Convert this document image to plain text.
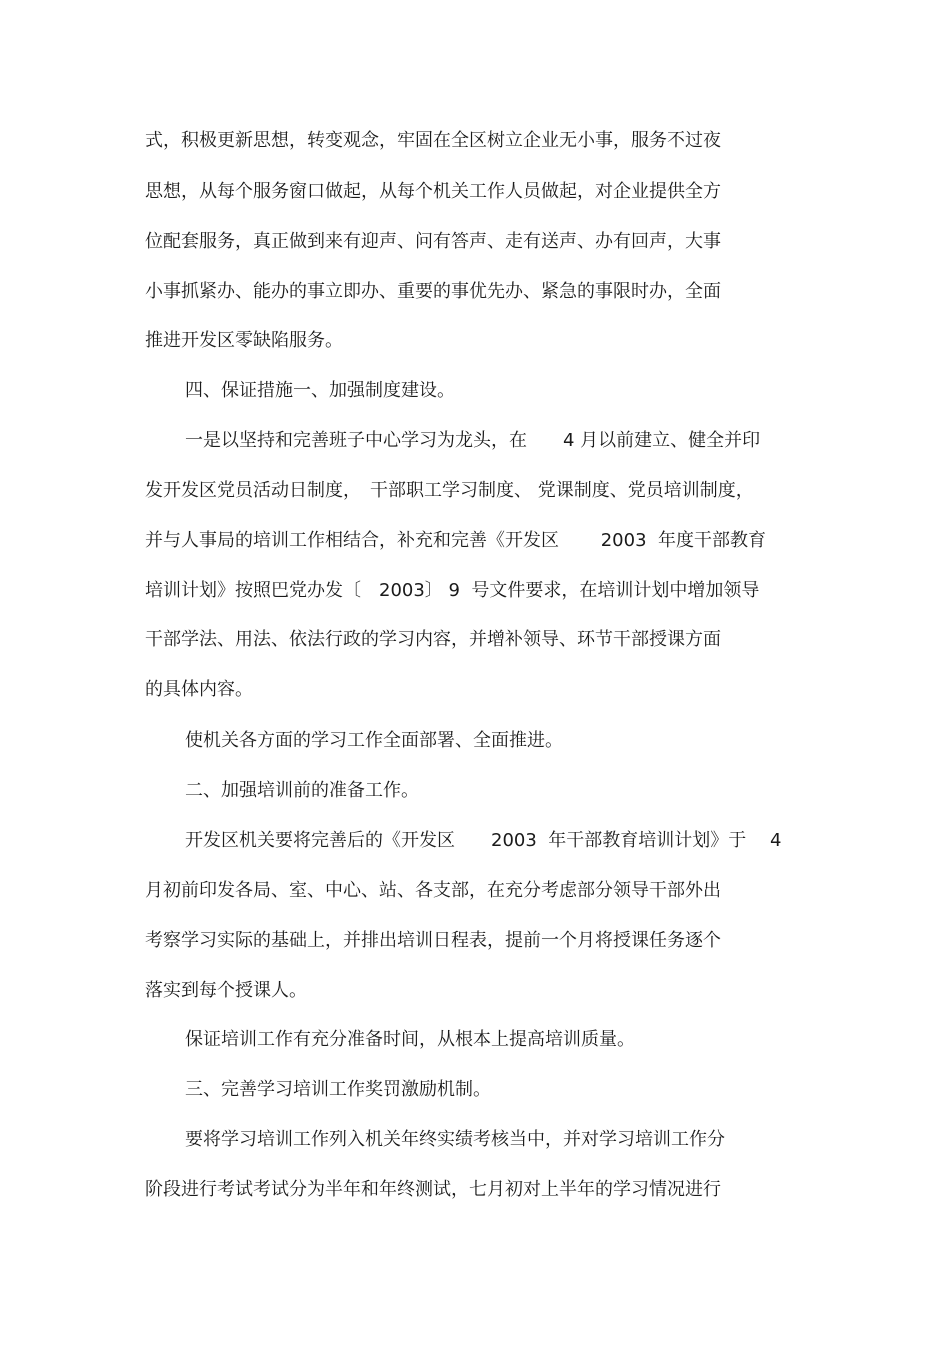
式，积极更新思想，转变观念，牢固在全区树立企业无小事，服务不过夜
思想，从每个服务窗口做起，从每个机关工作人员做起，对企业提供全方
位配套服务，真正做到来有迎声、问有答声、走有送声、办有回声，大事
小事抓紧办、能办的事立即办、重要的事优先办、紧急的事限时办，全面
推进开发区零缺陷服务。
四、保证措施一、加强制度建设。
一是以坚持和完善班子中心学习为龙头，在　　4 月以前建立、健全并印
发开发区党员活动日制度，　干部职工学习制度、 党课制度、党员培训制度，
并与人事局的培训工作相结合，补充和完善《开发区　　 2003  年度干部教育
培训计划》按照巴党办发〔　2003〕 9  号文件要求，在培训计划中增加领导
干部学法、用法、依法行政的学习内容，并增补领导、环节干部授课方面
的具体内容。
使机关各方面的学习工作全面部署、全面推进。
二、加强培训前的准备工作。
开发区机关要将完善后的《开发区　　2003  年干部教育培训计划》于　 4
月初前印发各局、室、中心、站、各支部，在充分考虑部分领导干部外出
考察学习实际的基础上，并排出培训日程表，提前一个月将授课任务逐个
落实到每个授课人。
保证培训工作有充分准备时间，从根本上提高培训质量。
三、完善学习培训工作奖罚激励机制。
要将学习培训工作列入机关年终实绩考核当中，并对学习培训工作分
阶段进行考试考试分为半年和年终测试，七月初对上半年的学习情况进行
